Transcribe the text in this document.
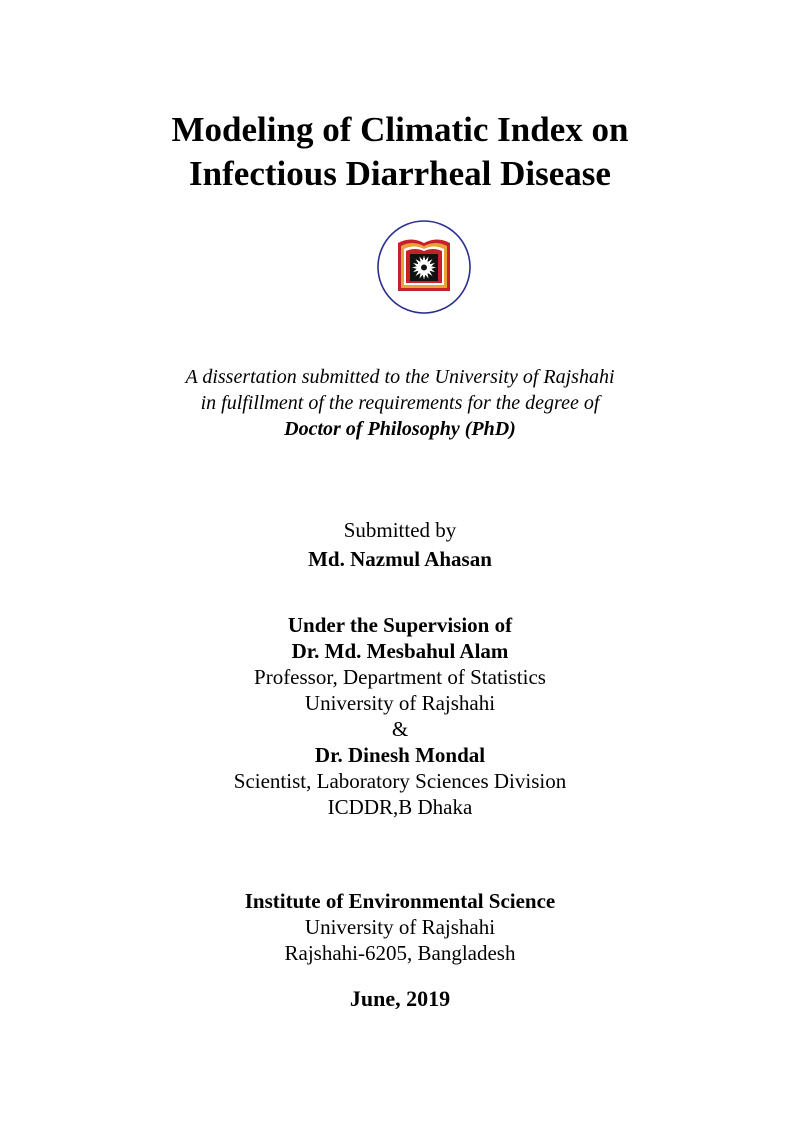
Modeling of Climatic Index on
Infectious Diarrheal Disease
A dissertation submitted to the University of Rajshahi
in fulfillment of the requirements for the degree of
Doctor of Philosophy (PhD)
Submitted by
Md. Nazmul Ahasan
Under the Supervision of
Dr. Md. Mesbahul Alam
Professor, Department of Statistics
University of Rajshahi
&
Dr. Dinesh Mondal
Scientist, Laboratory Sciences Division
ICDDR,B Dhaka
Institute of Environmental Science
University of Rajshahi
Rajshahi-6205, Bangladesh
June, 2019
